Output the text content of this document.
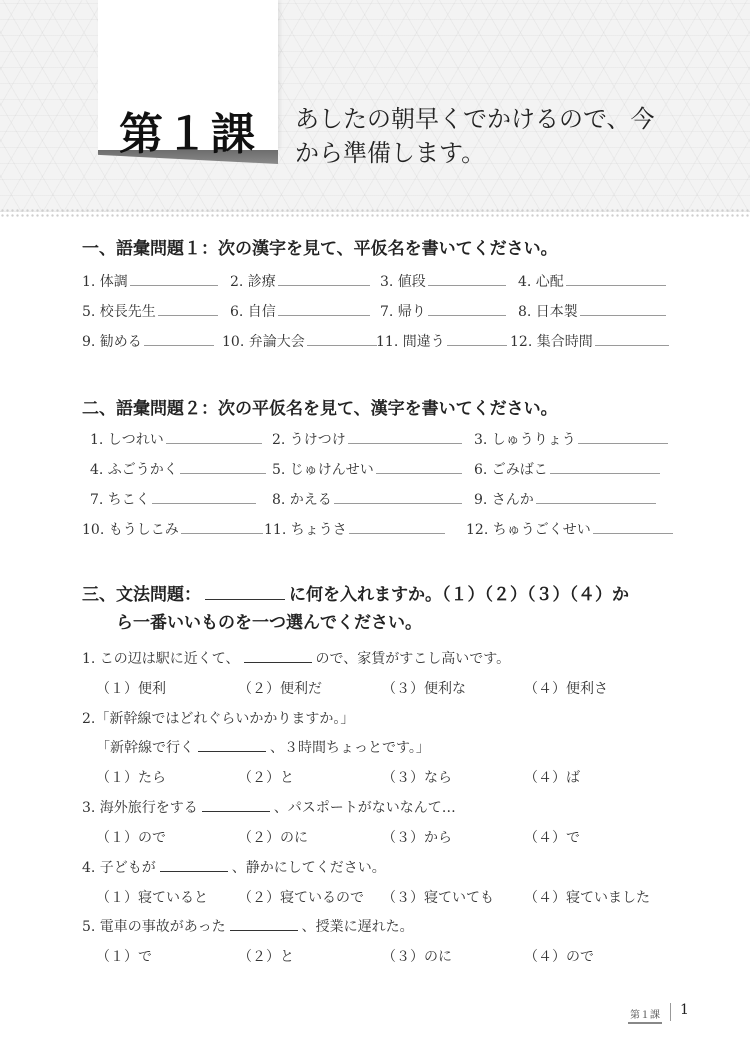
第１課	あしたの朝早くでかけるので、今
から準備します。
一、語彙問題１：次の漢字を見て、平仮名を書いてください。
1. 体調	2. 診療	3. 値段	4. 心配
5. 校長先生	6. 自信	7. 帰り	8. 日本製
9. 勧める	10. 弁論大会	11. 間違う	12. 集合時間
二、語彙問題２：次の平仮名を見て、漢字を書いてください。
1. しつれい	2. うけつけ	3. しゅうりょう
4. ふごうかく	5. じゅけんせい	6. ごみばこ
7. ちこく	8. かえる	9. さんか
10. もうしこみ	11. ちょうさ	12. ちゅうごくせい
三、文法問題：	に何を入れますか。（１）（２）（３）（４）か
ら一番いいものを一つ選んでください。
1. この辺は駅に近くて、	ので、家賃がすこし高いです。
（１）便利	（２）便利だ	（３）便利な	（４）便利さ
2.「新幹線ではどれぐらいかかりますか。」
「新幹線で行く	、３時間ちょっとです。」
（１）たら	（２）と	（３）なら	（４）ば
3. 海外旅行をする	、パスポートがないなんて…
（１）ので	（２）のに	（３）から	（４）で
4. 子どもが	、静かにしてください。
（１）寝ていると （２）寝ているので （３）寝ていても （４）寝ていました
5. 電車の事故があった	、授業に遅れた。
（１）で	（２）と	（３）のに	（４）ので
第１課 1
